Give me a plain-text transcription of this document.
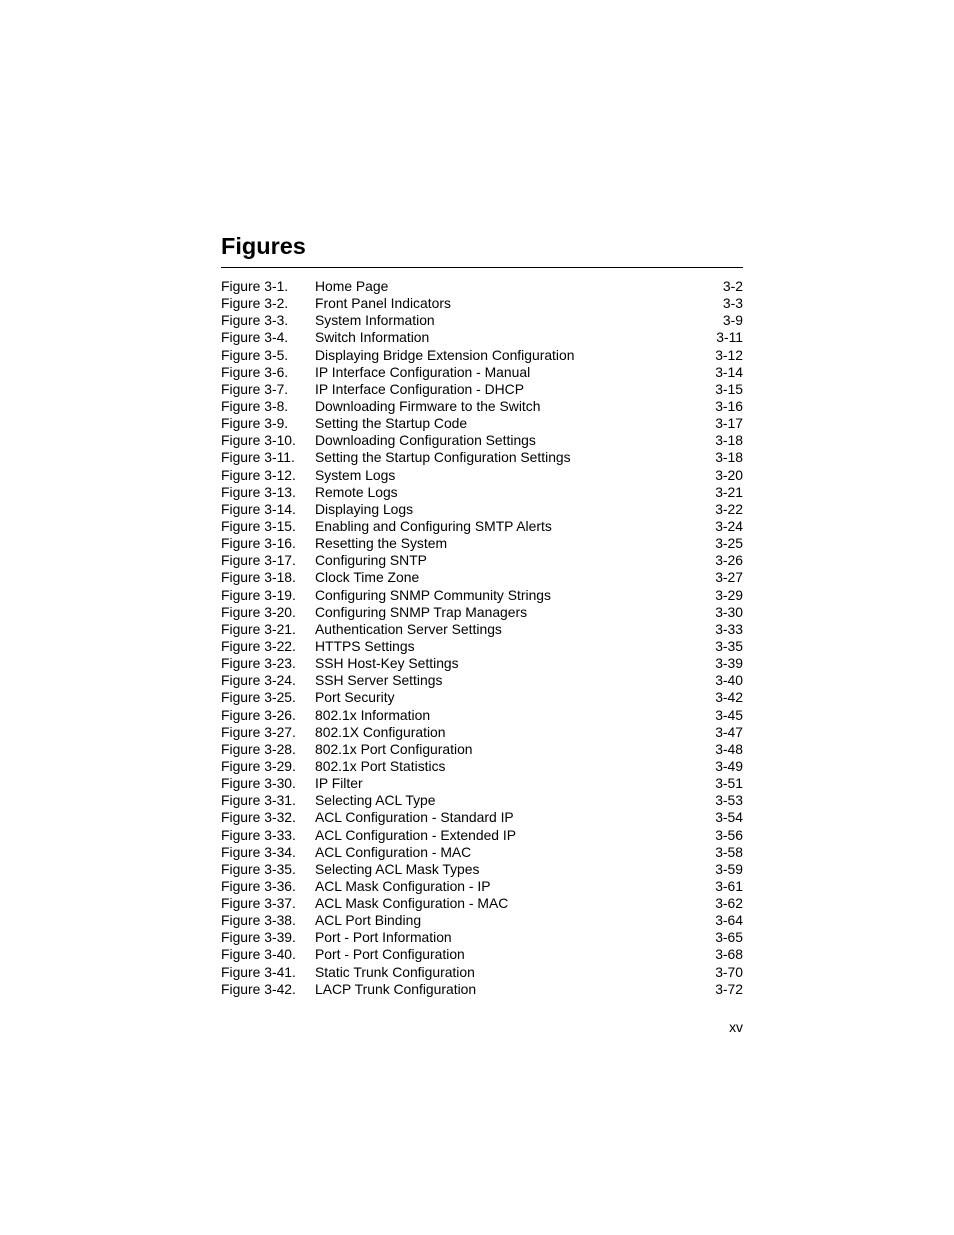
Figures
Figure 3-1. Home Page	3-2
Figure 3-2. Front Panel Indicators	3-3
Figure 3-3. System Information	3-9
Figure 3-4. Switch Information	3-11
Figure 3-5. Displaying Bridge Extension Configuration	3-12
Figure 3-6. IP Interface Configuration - Manual	3-14
Figure 3-7. IP Interface Configuration - DHCP	3-15
Figure 3-8. Downloading Firmware to the Switch	3-16
Figure 3-9. Setting the Startup Code	3-17
Figure 3-10. Downloading Configuration Settings	3-18
Figure 3-11. Setting the Startup Configuration Settings	3-18
Figure 3-12. System Logs	3-20
Figure 3-13. Remote Logs	3-21
Figure 3-14. Displaying Logs	3-22
Figure 3-15. Enabling and Configuring SMTP Alerts	3-24
Figure 3-16. Resetting the System	3-25
Figure 3-17. Configuring SNTP	3-26
Figure 3-18. Clock Time Zone	3-27
Figure 3-19. Configuring SNMP Community Strings	3-29
Figure 3-20. Configuring SNMP Trap Managers	3-30
Figure 3-21. Authentication Server Settings	3-33
Figure 3-22. HTTPS Settings	3-35
Figure 3-23. SSH Host-Key Settings	3-39
Figure 3-24. SSH Server Settings	3-40
Figure 3-25. Port Security	3-42
Figure 3-26. 802.1x Information	3-45
Figure 3-27. 802.1X Configuration	3-47
Figure 3-28. 802.1x Port Configuration	3-48
Figure 3-29. 802.1x Port Statistics	3-49
Figure 3-30. IP Filter	3-51
Figure 3-31. Selecting ACL Type	3-53
Figure 3-32. ACL Configuration - Standard IP	3-54
Figure 3-33. ACL Configuration - Extended IP	3-56
Figure 3-34. ACL Configuration - MAC	3-58
Figure 3-35. Selecting ACL Mask Types	3-59
Figure 3-36. ACL Mask Configuration - IP	3-61
Figure 3-37. ACL Mask Configuration - MAC	3-62
Figure 3-38. ACL Port Binding	3-64
Figure 3-39. Port - Port Information	3-65
Figure 3-40. Port - Port Configuration	3-68
Figure 3-41. Static Trunk Configuration	3-70
Figure 3-42. LACP Trunk Configuration	3-72
xv
